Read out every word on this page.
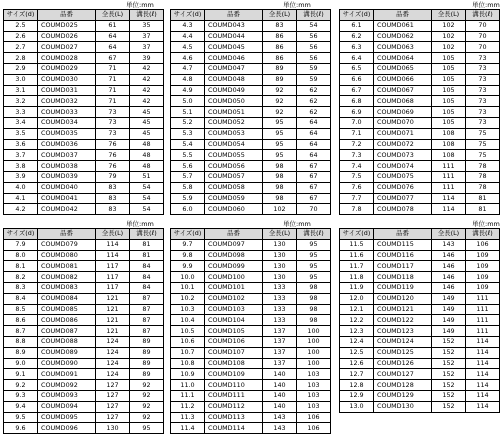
単位:mm	単位:mm	単位:mm
単位:mm	単位:mm	単位:mm
サイズ(d)	品番	全長(L)	溝長(ℓ)
2.5	COUMD025	61	35
2.6	COUMD026	64	37
2.7	COUMD027	64	37
2.8	COUMD028	67	39
2.9	COUMD029	71	42
3.0	COUMD030	71	42
3.1	COUMD031	71	42
3.2	COUMD032	71	42
3.3	COUMD033	73	45
3.4	COUMD034	73	45
3.5	COUMD035	73	45
3.6	COUMD036	76	48
3.7	COUMD037	76	48
3.8	COUMD038	76	48
3.9	COUMD039	79	51
4.0	COUMD040	83	54
4.1	COUMD041	83	54
4.2	COUMD042	83	54
サイズ(d)	品番	全長(L)	溝長(ℓ)
4.3	COUMD043	83	54
4.4	COUMD044	86	56
4.5	COUMD045	86	56
4.6	COUMD046	86	56
4.7	COUMD047	89	59
4.8	COUMD048	89	59
4.9	COUMD049	92	62
5.0	COUMD050	92	62
5.1	COUMD051	92	62
5.2	COUMD052	95	64
5.3	COUMD053	95	64
5.4	COUMD054	95	64
5.5	COUMD055	95	64
5.6	COUMD056	98	67
5.7	COUMD057	98	67
5.8	COUMD058	98	67
5.9	COUMD059	98	67
6.0	COUMD060	102	70
サイズ(d)	品番	全長(L)	溝長(ℓ)
6.1	COUMD061	102	70
6.2	COUMD062	102	70
6.3	COUMD063	102	70
6.4	COUMD064	105	73
6.5	COUMD065	105	73
6.6	COUMD066	105	73
6.7	COUMD067	105	73
6.8	COUMD068	105	73
6.9	COUMD069	105	73
7.0	COUMD070	105	73
7.1	COUMD071	108	75
7.2	COUMD072	108	75
7.3	COUMD073	108	75
7.4	COUMD074	111	78
7.5	COUMD075	111	78
7.6	COUMD076	111	78
7.7	COUMD077	114	81
7.8	COUMD078	114	81
サイズ(d)	品番	全長(L)	溝長(ℓ)
7.9	COUMD079	114	81
8.0	COUMD080	114	81
8.1	COUMD081	117	84
8.2	COUMD082	117	84
8.3	COUMD083	117	84
8.4	COUMD084	121	87
8.5	COUMD085	121	87
8.6	COUMD086	121	87
8.7	COUMD087	121	87
8.8	COUMD088	124	89
8.9	COUMD089	124	89
9.0	COUMD090	124	89
9.1	COUMD091	124	89
9.2	COUMD092	127	92
9.3	COUMD093	127	92
9.4	COUMD094	127	92
9.5	COUMD095	127	92
9.6	COUMD096	130	95
サイズ(d)	品番	全長(L)	溝長(ℓ)
9.7	COUMD097	130	95
9.8	COUMD098	130	95
9.9	COUMD099	130	95
10.0	COUMD100	130	95
10.1	COUMD101	133	98
10.2	COUMD102	133	98
10.3	COUMD103	133	98
10.4	COUMD104	133	98
10.5	COUMD105	137	100
10.6	COUMD106	137	100
10.7	COUMD107	137	100
10.8	COUMD108	137	100
10.9	COUMD109	140	103
11.0	COUMD110	140	103
11.1	COUMD111	140	103
11.2	COUMD112	140	103
11.3	COUMD113	143	106
11.4	COUMD114	143	106
サイズ(d)	品番	全長(L)	溝長(ℓ)
11.5	COUMD115	143	106
11.6	COUMD116	146	109
11.7	COUMD117	146	109
11.8	COUMD118	146	109
11.9	COUMD119	146	109
12.0	COUMD120	149	111
12.1	COUMD121	149	111
12.2	COUMD122	149	111
12.3	COUMD123	149	111
12.4	COUMD124	152	114
12.5	COUMD125	152	114
12.6	COUMD126	152	114
12.7	COUMD127	152	114
12.8	COUMD128	152	114
12.9	COUMD129	152	114
13.0	COUMD130	152	114
